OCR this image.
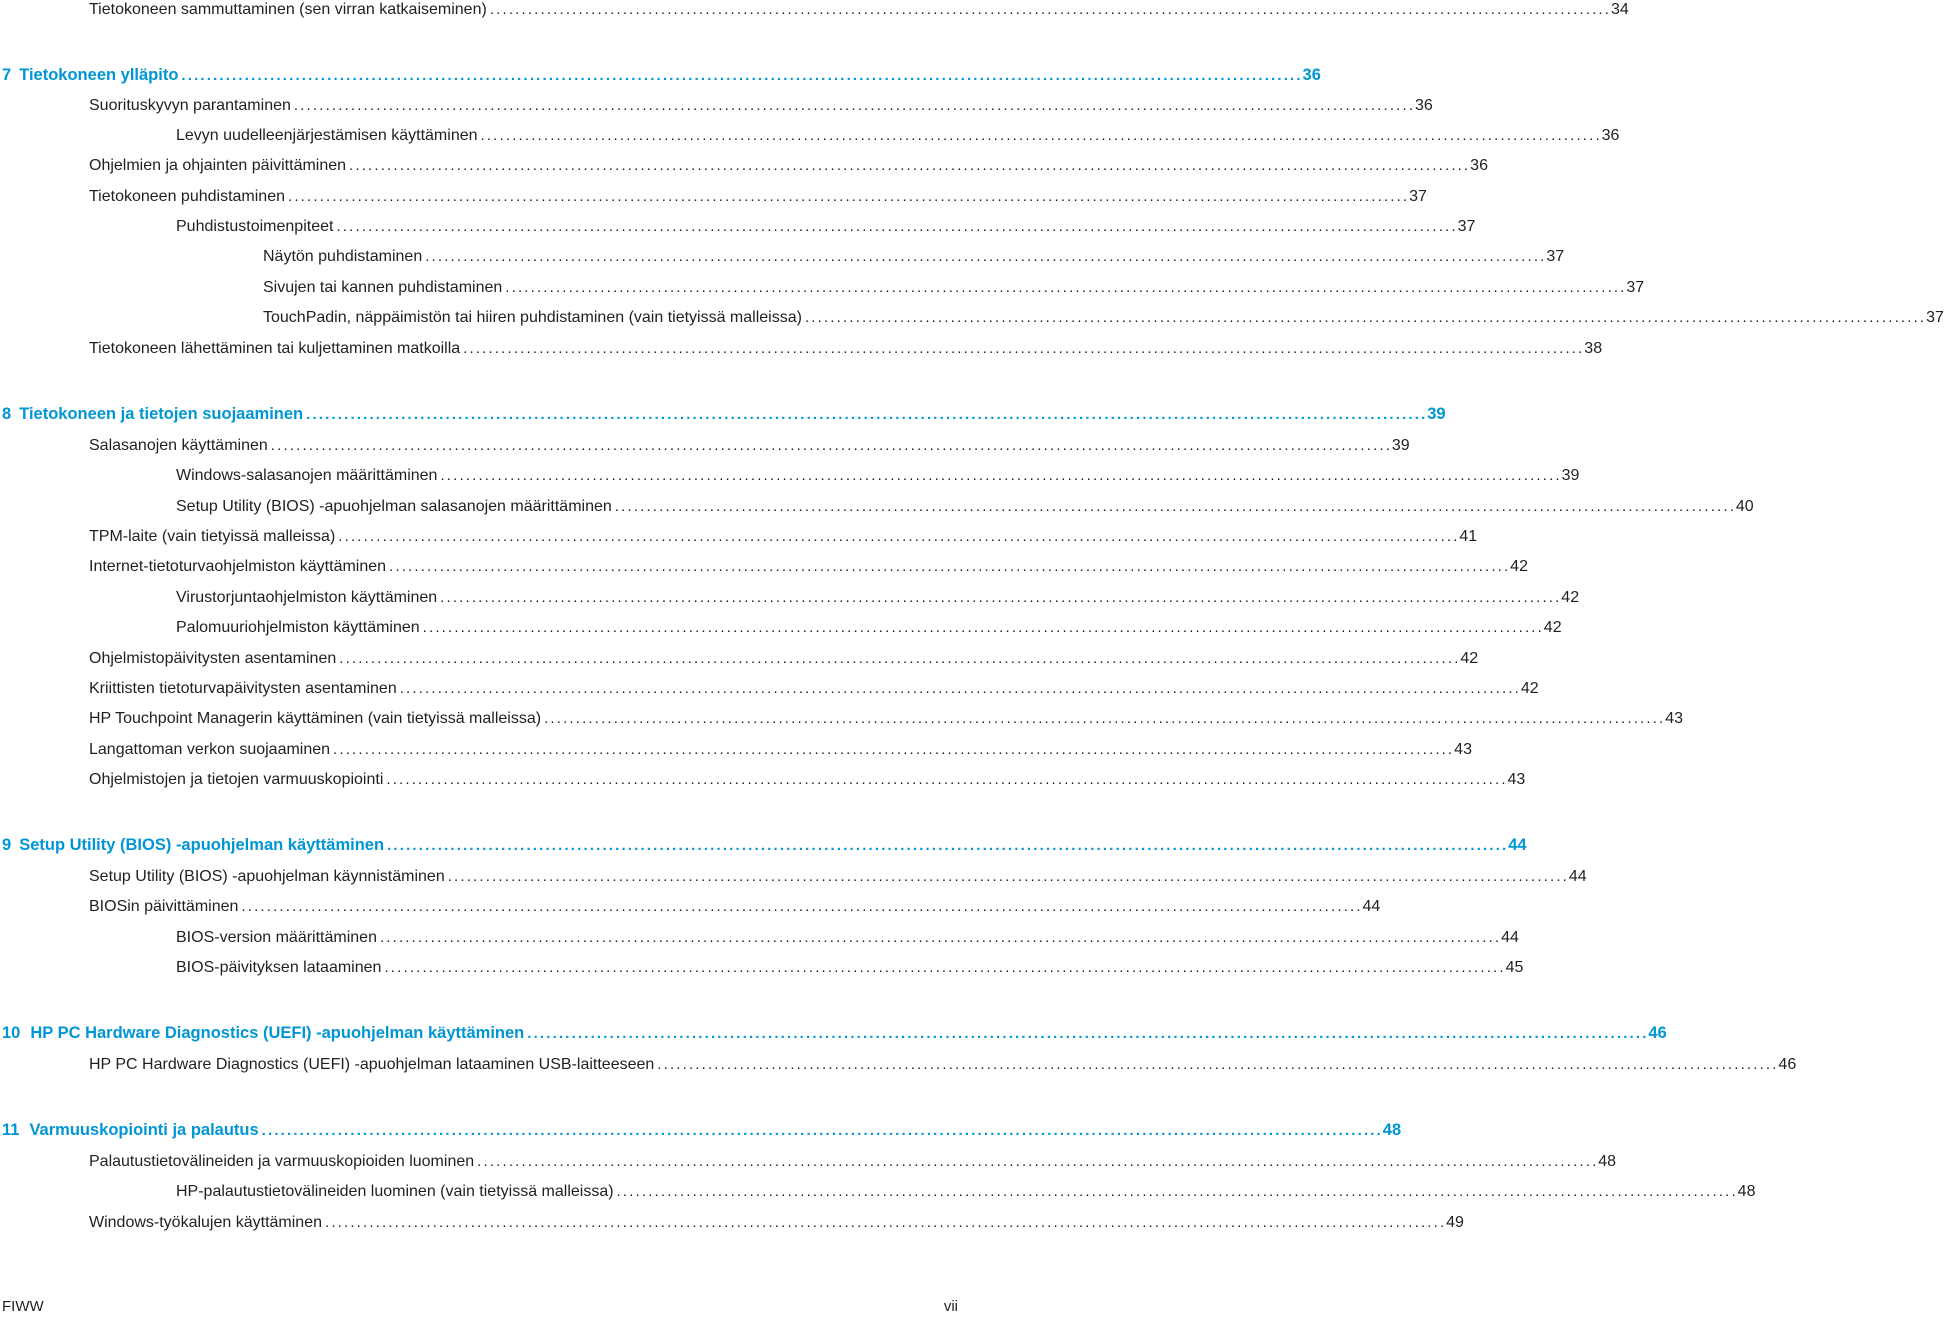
Tietokoneen sammuttaminen (sen virran katkaiseminen) . . .	34
7 Tietokoneen ylläpito . . .	36
Suorituskyvyn parantaminen . . .	36
Levyn uudelleenjärjestämisen käyttäminen . . .	36
Ohjelmien ja ohjainten päivittäminen . . .	36
Tietokoneen puhdistaminen . . .	37
Puhdistustoimenpiteet . . .	37
Näytön puhdistaminen . . .	37
Sivujen tai kannen puhdistaminen . . .	37
TouchPadin, näppäimistön tai hiiren puhdistaminen (vain tietyissä malleissa) . . .	37
Tietokoneen lähettäminen tai kuljettaminen matkoilla . . .	38
8 Tietokoneen ja tietojen suojaaminen . . .	39
Salasanojen käyttäminen . . .	39
Windows-salasanojen määrittäminen . . .	39
Setup Utility (BIOS) -apuohjelman salasanojen määrittäminen . . .	40
TPM-laite (vain tietyissä malleissa) . . .	41
Internet-tietoturvaohjelmiston käyttäminen . . .	42
Virustorjuntaohjelmiston käyttäminen . . .	42
Palomuuriohjelmiston käyttäminen . . .	42
Ohjelmistopäivitysten asentaminen . . .	42
Kriittisten tietoturvapäivitysten asentaminen . . .	42
HP Touchpoint Managerin käyttäminen (vain tietyissä malleissa) . . .	43
Langattoman verkon suojaaminen . . .	43
Ohjelmistojen ja tietojen varmuuskopiointi . . .	43
9 Setup Utility (BIOS) -apuohjelman käyttäminen . . .	44
Setup Utility (BIOS) -apuohjelman käynnistäminen . . .	44
BIOSin päivittäminen . . .	44
BIOS-version määrittäminen . . .	44
BIOS-päivityksen lataaminen . . .	45
10 HP PC Hardware Diagnostics (UEFI) -apuohjelman käyttäminen . . .	46
HP PC Hardware Diagnostics (UEFI) -apuohjelman lataaminen USB-laitteeseen . . .	46
11 Varmuuskopiointi ja palautus . . .	48
Palautustietovälineiden ja varmuuskopioiden luominen . . .	48
HP-palautustietovälineiden luominen (vain tietyissä malleissa) . . .	48
Windows-työkalujen käyttäminen . . .	49
FIWW	vii
